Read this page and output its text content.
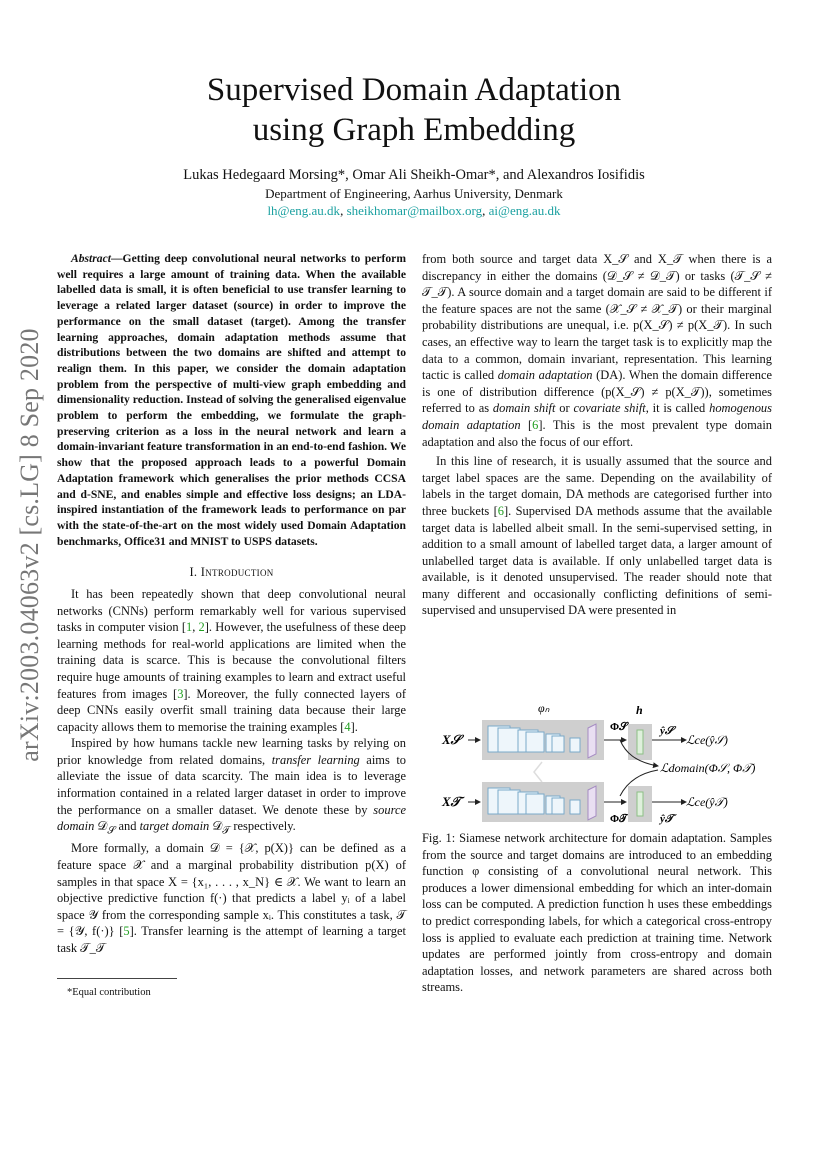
Supervised Domain Adaptation
using Graph Embedding
Lukas Hedegaard Morsing*, Omar Ali Sheikh-Omar*, and Alexandros Iosifidis
Department of Engineering, Aarhus University, Denmark
lh@eng.au.dk, sheikhomar@mailbox.org, ai@eng.au.dk
arXiv:2003.04063v2 [cs.LG] 8 Sep 2020

Abstract—Getting deep convolutional neural networks to perform well requires a large amount of training data. When the available labelled data is small, it is often beneficial to use transfer learning to leverage a related larger dataset (source) in order to improve the performance on the small dataset (target). Among the transfer learning approaches, domain adaptation methods assume that distributions between the two domains are shifted and attempt to realign them. In this paper, we consider the domain adaptation problem from the perspective of multi-view graph embedding and dimensionality reduction. Instead of solving the generalised eigenvalue problem to perform the embedding, we formulate the graph-preserving criterion as a loss in the neural network and learn a domain-invariant feature transformation in an end-to-end fashion. We show that the proposed approach leads to a powerful Domain Adaptation framework which generalises the prior methods CCSA and d-SNE, and enables simple and effective loss designs; an LDA-inspired instantiation of the framework leads to performance on par with the state-of-the-art on the most widely used Domain Adaptation benchmarks, Office31 and MNIST to USPS datasets.

I. Introduction

It has been repeatedly shown that deep convolutional neural networks (CNNs) perform remarkably well for various supervised tasks in computer vision [1, 2]. However, the usefulness of these deep learning methods for real-world applications are limited when the training data is scarce. This is because the convolutional filters require huge amounts of training examples to learn and extract useful features from images [3]. Moreover, the fully connected layers of deep CNNs easily overfit small training data because their large capacity allows them to memorise the training examples [4].

Inspired by how humans tackle new learning tasks by relying on prior knowledge from related domains, transfer learning aims to alleviate the issue of data scarcity. The main idea is to leverage information contained in a related larger dataset in order to improve the performance on a smaller dataset. We denote these by source domain 𝒟$_𝒮$ and target domain 𝒟$_𝒯$ respectively.

More formally, a domain 𝒟 = {𝒳, p(X)} can be defined as a feature space 𝒳 and a marginal probability distribution p(X) of samples in that space X = {x₁, . . . , x_N} ∈ 𝒳. We want to learn an objective predictive function f(·) that predicts a label yᵢ of a label space 𝒴 from the corresponding sample xᵢ. This constitutes a task, 𝒯 = {𝒴, f(·)} [5]. Transfer learning is the attempt of learning a target task 𝒯_𝒯

*Equal contribution

from both source and target data X_𝒮 and X_𝒯 when there is a discrepancy in either the domains (𝒟_𝒮 ≠ 𝒟_𝒯) or tasks (𝒯_𝒮 ≠ 𝒯_𝒯). A source domain and a target domain are said to be different if the feature spaces are not the same (𝒳_𝒮 ≠ 𝒳_𝒯) or their marginal probability distributions are unequal, i.e. p(X_𝒮) ≠ p(X_𝒯). In such cases, an effective way to learn the target task is to explicitly map the data to a common, domain invariant, representation. This learning tactic is called domain adaptation (DA). When the domain difference is one of distribution difference (p(X_𝒮) ≠ p(X_𝒯)), sometimes referred to as domain shift or covariate shift, it is called homogenous domain adaptation [6]. This is the most prevalent type domain adaptation and also the focus of our effort.

In this line of research, it is usually assumed that the source and target label spaces are the same. Depending on the availability of labels in the target domain, DA methods are categorised further into three buckets [6]. Supervised DA methods assume that the available target data is labelled albeit small. In the semi-supervised setting, in addition to a small amount of labelled target data, a larger amount of unlabelled target data is available. If only unlabelled target data is available, is it denoted unsupervised. The reader should note that many different and occasionally conflicting definitions of semi-supervised and unsupervised DA were presented in

X𝒮
Φ𝒮	ŷ𝒮
ℒce(ŷ𝒮)
φₙ	h
ℒdomain(Φ𝒮, Φ𝒯)
X𝒯
Φ𝒯	ŷ𝒯
ℒce(ŷ𝒯)
Fig. 1: Siamese network architecture for domain adaptation. Samples from the source and target domains are introduced to an embedding function φ consisting of a convolutional neural network. This produces a lower dimensional embedding for which an inter-domain loss can be computed. A prediction function h uses these embeddings to predict corresponding labels, for which a categorical cross-entropy loss is applied to evaluate each prediction at training time. Network updates are performed jointly from cross-entropy and domain adaptation losses, and network parameters are shared across both streams.
